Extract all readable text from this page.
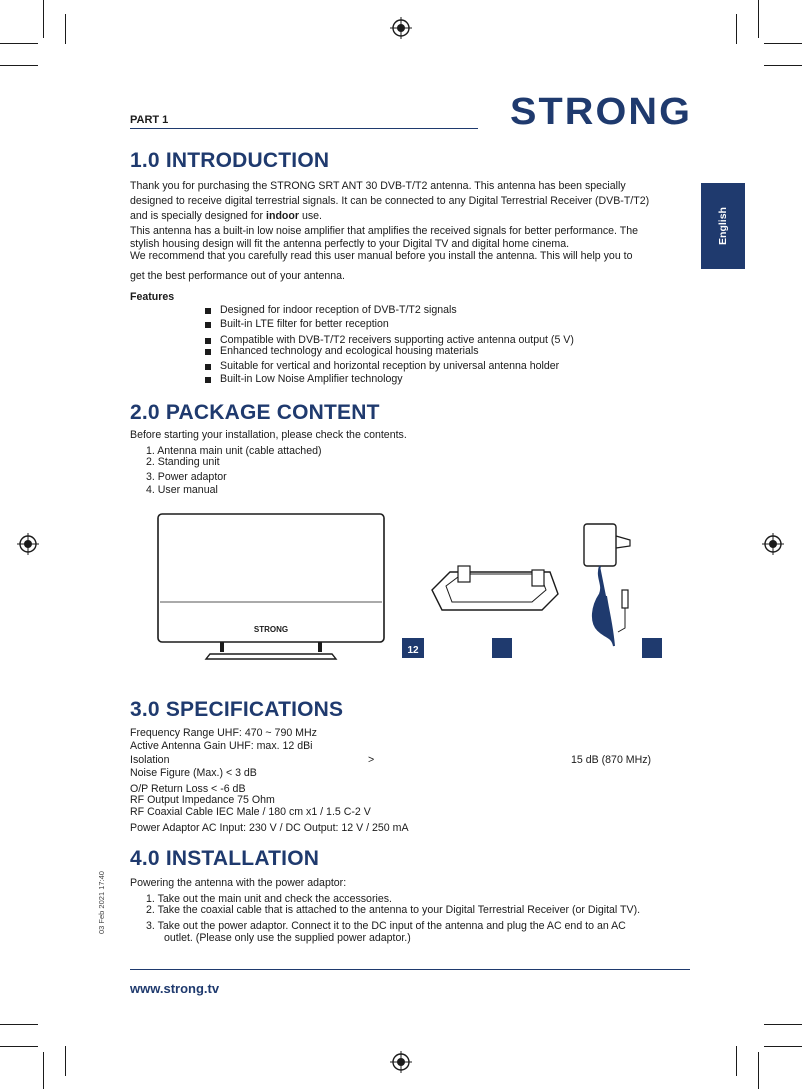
PART 1	STRONG
English
1.0 INTRODUCTION
Thank you for purchasing the STRONG SRT ANT 30 DVB-T/T2 antenna. This antenna has been specially
designed to receive digital terrestrial signals. It can be connected to any Digital Terrestrial Receiver (DVB-T/T2)
and is specially designed for indoor use.
This antenna has a built-in low noise amplifier that amplifies the received signals for better performance. The
stylish housing design will fit the antenna perfectly to your Digital TV and digital home cinema.
We recommend that you carefully read this user manual before you install the antenna. This will help you to
get the best performance out of your antenna.
Features
Designed for indoor reception of DVB-T/T2 signals
Built-in LTE filter for better reception
Compatible with DVB-T/T2 receivers supporting active antenna output (5 V)
Enhanced technology and ecological housing materials
Suitable for vertical and horizontal reception by universal antenna holder
Built-in Low Noise Amplifier technology
2.0 PACKAGE CONTENT
Before starting your installation, please check the contents.
1. Antenna main unit (cable attached)
2. Standing unit
3. Power adaptor
4. User manual
STRONG
12
3.0 SPECIFICATIONS
Frequency Range UHF: 470 ~ 790 MHz
Active Antenna Gain UHF: max. 12 dBi
Isolation	>	15 dB (870 MHz)
Noise Figure (Max.) < 3 dB
O/P Return Loss < -6 dB
RF Output Impedance 75 Ohm
RF Coaxial Cable IEC Male / 180 cm x1 / 1.5 C-2 V
Power Adaptor AC Input: 230 V / DC Output: 12 V / 250 mA
4.0 INSTALLATION
Powering the antenna with the power adaptor:
1. Take out the main unit and check the accessories.
2. Take the coaxial cable that is attached to the antenna to your Digital Terrestrial Receiver (or Digital TV).
3. Take out the power adaptor. Connect it to the DC input of the antenna and plug the AC end to an AC
outlet. (Please only use the supplied power adaptor.)
03 Feb 2021 17:40
www.strong.tv
